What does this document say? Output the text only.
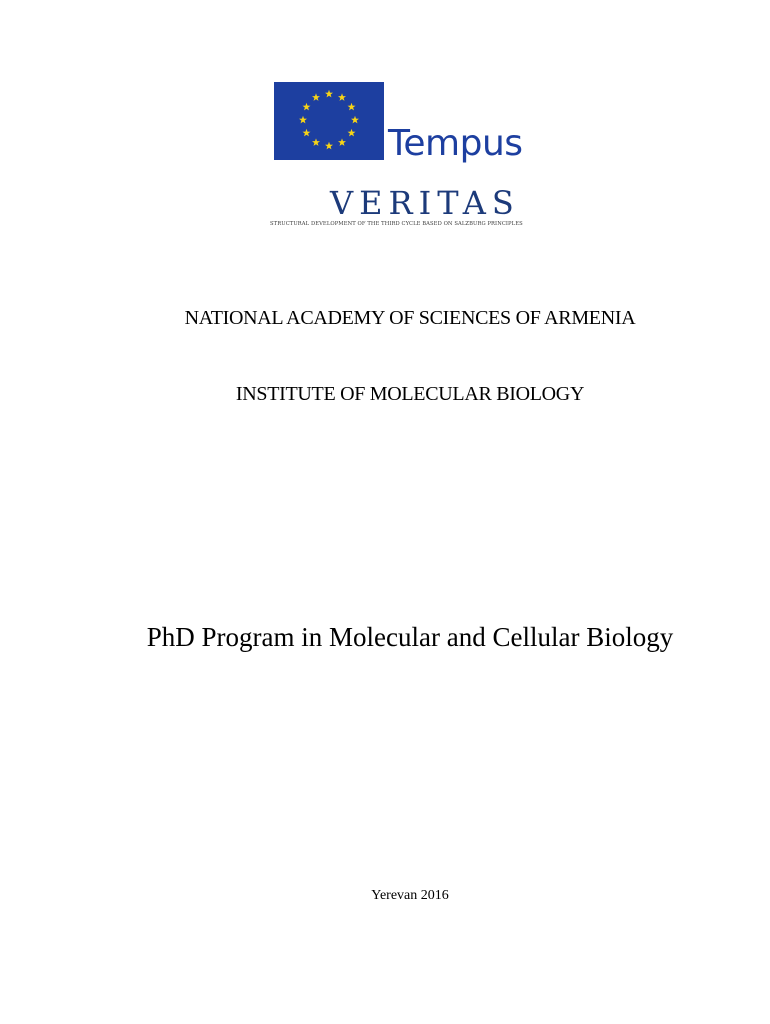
Tempus
VERITAS
STRUCTURAL DEVELOPMENT OF THE THIRD CYCLE BASED ON SALZBURG PRINCIPLES
NATIONAL ACADEMY OF SCIENCES OF ARMENIA
INSTITUTE OF MOLECULAR BIOLOGY
PhD Program in Molecular and Cellular Biology
Yerevan 2016
